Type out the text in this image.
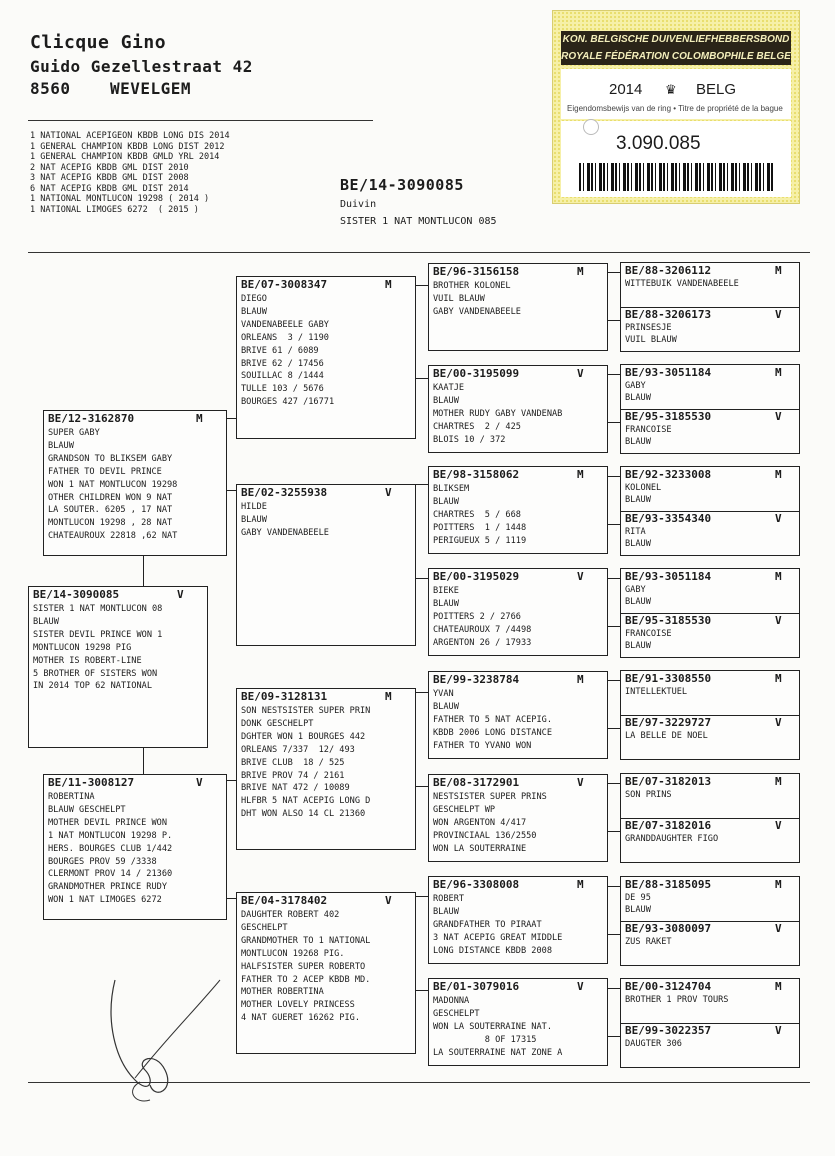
Clicque Gino
Guido Gezellestraat 42
8560 WEVELGEM
1 NATIONAL ACEPIGEON KBDB LONG DIS 2014
1 GENERAL CHAMPION KBDB LONG DIST 2012
1 GENERAL CHAMPION KBDB GMLD YRL 2014
2 NAT ACEPIG KBDB GML DIST 2010
3 NAT ACEPIG KBDB GML DIST 2008
6 NAT ACEPIG KBDB GML DIST 2014
1 NATIONAL MONTLUCON 19298 ( 2014 )
1 NATIONAL LIMOGES 6272  ( 2015 )
BE/14-3090085
Duivin
SISTER 1 NAT MONTLUCON 085
KON. BELGISCHE DUIVENLIEFHEBBERSBOND
ROYALE FÉDÉRATION COLOMBOPHILE BELGE
2014 ♛ BELG
Eigendomsbewijs van de ring • Titre de propriété de la bague
3.090.085
BE/14-3090085	V
SISTER 1 NAT MONTLUCON 08
BLAUW
SISTER DEVIL PRINCE WON 1
MONTLUCON 19298 PIG
MOTHER IS ROBERT-LINE
5 BROTHER OF SISTERS WON
IN 2014 TOP 62 NATIONAL
BE/12-3162870	M
SUPER GABY
BLAUW
GRANDSON TO BLIKSEM GABY
FATHER TO DEVIL PRINCE
WON 1 NAT MONTLUCON 19298
OTHER CHILDREN WON 9 NAT
LA SOUTER. 6205 , 17 NAT
MONTLUCON 19298 , 28 NAT
CHATEAUROUX 22818 ,62 NAT
BE/11-3008127	V
ROBERTINA
BLAUW GESCHELPT
MOTHER DEVIL PRINCE WON
1 NAT MONTLUCON 19298 P.
HERS. BOURGES CLUB 1/442
BOURGES PROV 59 /3338
CLERMONT PROV 14 / 21360
GRANDMOTHER PRINCE RUDY
WON 1 NAT LIMOGES 6272
BE/07-3008347	M
DIEGO
BLAUW
VANDENABEELE GABY
ORLEANS  3 / 1190
BRIVE 61 / 6089
BRIVE 62 / 17456
SOUILLAC 8 /1444
TULLE 103 / 5676
BOURGES 427 /16771
BE/02-3255938	V
HILDE
BLAUW
GABY VANDENABEELE
BE/09-3128131	M
SON NESTSISTER SUPER PRIN
DONK GESCHELPT
DGHTER WON 1 BOURGES 442
ORLEANS 7/337  12/ 493
BRIVE CLUB  18 / 525
BRIVE PROV 74 / 2161
BRIVE NAT 472 / 10089
HLFBR 5 NAT ACEPIG LONG D
DHT WON ALSO 14 CL 21360
BE/04-3178402	V
DAUGHTER ROBERT 402
GESCHELPT
GRANDMOTHER TO 1 NATIONAL
MONTLUCON 19268 PIG.
HALFSISTER SUPER ROBERTO
FATHER TO 2 ACEP KBDB MD.
MOTHER ROBERTINA
MOTHER LOVELY PRINCESS
4 NAT GUERET 16262 PIG.
BE/96-3156158	M
BROTHER KOLONEL
VUIL BLAUW
GABY VANDENABEELE
BE/00-3195099	V
KAATJE
BLAUW
MOTHER RUDY GABY VANDENAB
CHARTRES  2 / 425
BLOIS 10 / 372
BE/98-3158062	M
BLIKSEM
BLAUW
CHARTRES  5 / 668
POITTERS  1 / 1448
PERIGUEUX 5 / 1119
BE/00-3195029	V
BIEKE
BLAUW
POITTERS 2 / 2766
CHATEAUROUX 7 /4498
ARGENTON 26 / 17933
BE/99-3238784	M
YVAN
BLAUW
FATHER TO 5 NAT ACEPIG.
KBDB 2006 LONG DISTANCE
FATHER TO YVANO WON
BE/08-3172901	V
NESTSISTER SUPER PRINS
GESCHELPT WP
WON ARGENTON 4/417
PROVINCIAAL 136/2550
WON LA SOUTERRAINE
BE/96-3308008	M
ROBERT
BLAUW
GRANDFATHER TO PIRAAT
3 NAT ACEPIG GREAT MIDDLE
LONG DISTANCE KBDB 2008
BE/01-3079016	V
MADONNA
GESCHELPT
WON LA SOUTERRAINE NAT.
8 OF 17315
LA SOUTERRAINE NAT ZONE A
BE/88-3206112	M
WITTEBUIK VANDENABEELE
BE/88-3206173	V
PRINSESJE
VUIL BLAUW
BE/93-3051184	M
GABY
BLAUW
BE/95-3185530	V
FRANCOISE
BLAUW
BE/92-3233008	M
KOLONEL
BLAUW
BE/93-3354340	V
RITA
BLAUW
BE/93-3051184	M
GABY
BLAUW
BE/95-3185530	V
FRANCOISE
BLAUW
BE/91-3308550	M
INTELLEKTUEL
BE/97-3229727	V
LA BELLE DE NOEL
BE/07-3182013	M
SON PRINS
BE/07-3182016	V
GRANDDAUGHTER FIGO
BE/88-3185095	M
DE 95
BLAUW
BE/93-3080097	V
ZUS RAKET
BE/00-3124704	M
BROTHER 1 PROV TOURS
BE/99-3022357	V
DAUGTER 306
